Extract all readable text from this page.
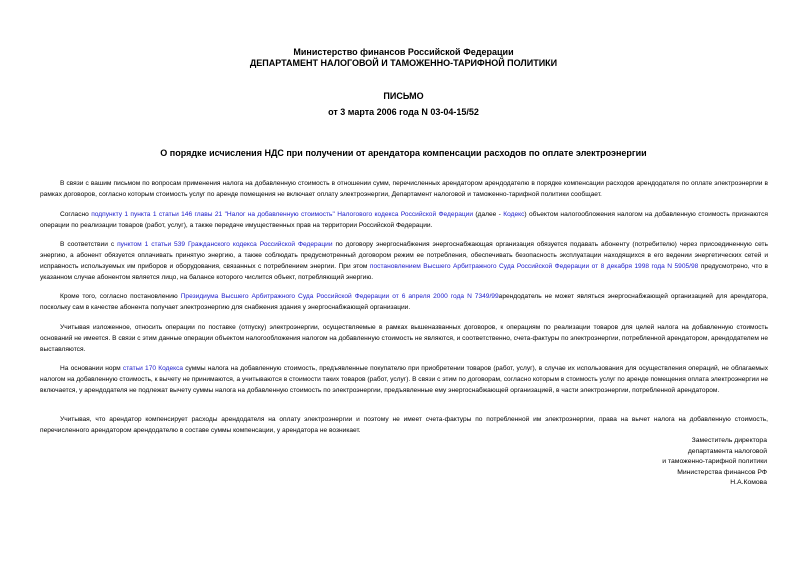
Министерство финансов Российской Федерации

ДЕПАРТАМЕНТ НАЛОГОВОЙ И ТАМОЖЕННО-ТАРИФНОЙ ПОЛИТИКИ

ПИСЬМО

от 3 марта 2006 года N 03-04-15/52

О порядке исчисления НДС при получении от арендатора компенсации расходов по оплате электроэнергии

В связи с вашим письмом по вопросам применения налога на добавленную стоимость в отношении сумм, перечисленных арендатором арендодателю в порядке компенсации расходов арендодателя по оплате электроэнергии в рамках договоров, согласно которым стоимость услуг по аренде помещения не включает оплату электроэнергии, Департамент налоговой и таможенно-тарифной политики сообщает.

Согласно подпункту 1 пункта 1 статьи 146 главы 21 "Налог на добавленную стоимость" Налогового кодекса Российской Федерации (далее - Кодекс) объектом налогообложения налогом на добавленную стоимость признаются операции по реализации товаров (работ, услуг), а также передаче имущественных прав на территории Российской Федерации.

В соответствии с пунктом 1 статьи 539 Гражданского кодекса Российской Федерации по договору энергоснабжения энергоснабжающая организация обязуется подавать абоненту (потребителю) через присоединенную сеть энергию, а абонент обязуется оплачивать принятую энергию, а также соблюдать предусмотренный договором режим ее потребления, обеспечивать безопасность эксплуатации находящихся в его ведении энергетических сетей и исправность используемых им приборов и оборудования, связанных с потреблением энергии. При этом постановлением Высшего Арбитражного Суда Российской Федерации от 8 декабря 1998 года N 5905/98 предусмотрено, что в указанном случае абонентом является лицо, на балансе которого числится объект, потребляющий энергию.

Кроме того, согласно постановлению Президиума Высшего Арбитражного Суда Российской Федерации от 6 апреля 2000 года N 7349/99арендодатель не может являться энергоснабжающей организацией для арендатора, поскольку сам в качестве абонента получает электроэнергию для снабжения здания у энергоснабжающей организации.

Учитывая изложенное, относить операции по поставке (отпуску) электроэнергии, осуществляемые в рамках вышеназванных договоров, к операциям по реализации товаров для целей налога на добавленную стоимость оснований не имеется. В связи с этим данные операции объектом налогообложения налогом на добавленную стоимость не являются, и соответственно, счета-фактуры по электроэнергии, потребленной арендатором, арендодателем не выставляются.

На основании норм статьи 170 Кодекса суммы налога на добавленную стоимость, предъявленные покупателю при приобретении товаров (работ, услуг), в случае их использования для осуществления операций, не облагаемых налогом на добавленную стоимость, к вычету не принимаются, а учитываются в стоимости таких товаров (работ, услуг). В связи с этим по договорам, согласно которым в стоимость услуг по аренде помещения оплата электроэнергии не включается, у арендодателя не подлежат вычету суммы налога на добавленную стоимость по электроэнергии, предъявленные ему энергоснабжающей организацией, в части электроэнергии, потребленной арендатором.

Учитывая, что арендатор компенсирует расходы арендодателя на оплату электроэнергии и поэтому не имеет счета-фактуры по потребленной им электроэнергии, права на вычет налога на добавленную стоимость, перечисленного арендатором арендодателю в составе суммы компенсации, у арендатора не возникает.

Заместитель директора
департамента налоговой
и таможенно-тарифной политики
Министерства финансов РФ
Н.А.Комова
